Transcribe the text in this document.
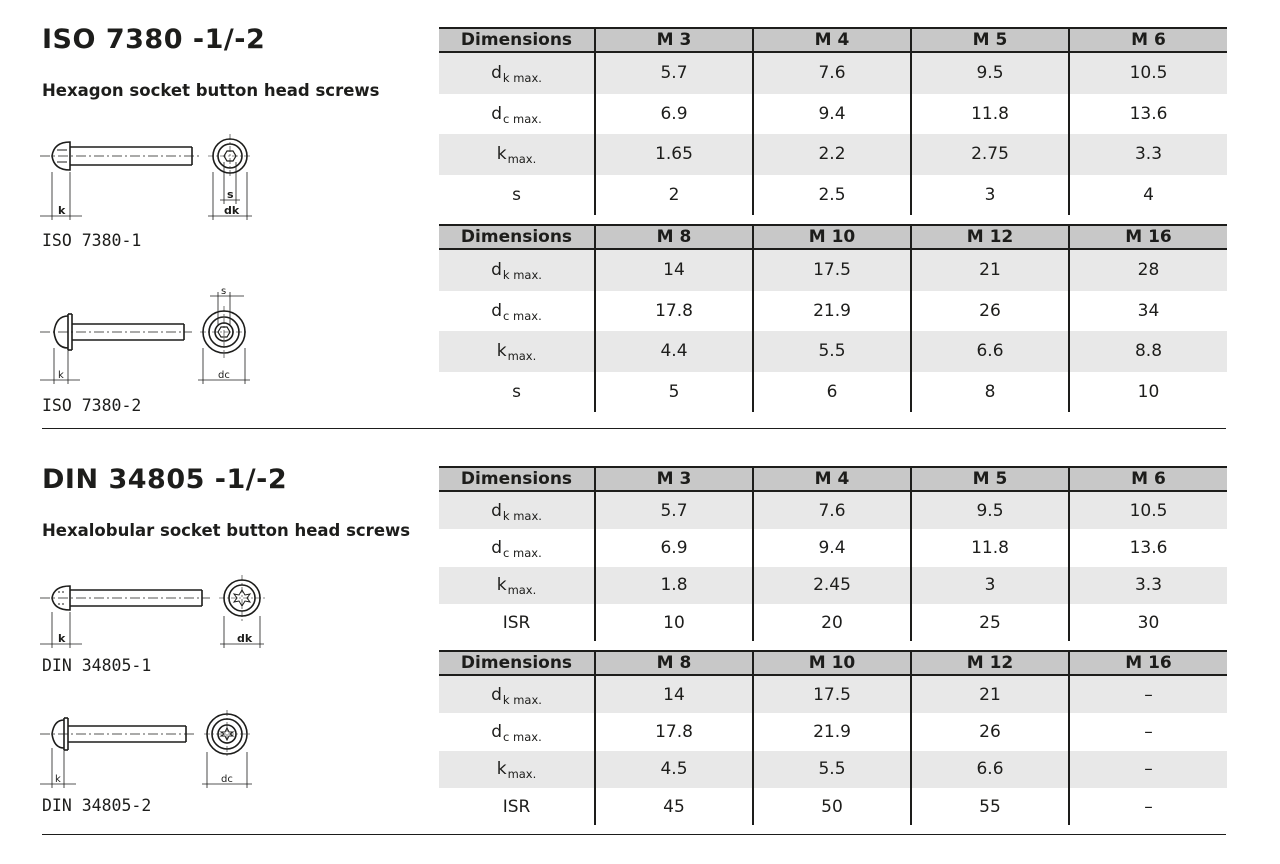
ISO 7380 -1/-2
Hexagon socket button head screws
k
s
dk
ISO 7380-1
k
s
dc
ISO 7380-2
Dimensions	M 3	M 4	M 5	M 6
$d_{k max.}$	5.7	7.6	9.5	10.5
$d_{c max.}$	6.9	9.4	11.8	13.6
$k_{max.}$	1.65	2.2	2.75	3.3
s	2	2.5	3	4
Dimensions	M 8	M 10	M 12	M 16
$d_{k max.}$	14	17.5	21	28
$d_{c max.}$	17.8	21.9	26	34
$k_{max.}$	4.4	5.5	6.6	8.8
s	5	6	8	10
DIN 34805 -1/-2
Hexalobular socket button head screws
k	dk
DIN 34805-1
k	dc
DIN 34805-2
Dimensions	M 3	M 4	M 5	M 6
$d_{k max.}$	5.7	7.6	9.5	10.5
$d_{c max.}$	6.9	9.4	11.8	13.6
$k_{max.}$	1.8	2.45	3	3.3
ISR	10	20	25	30
Dimensions	M 8	M 10	M 12	M 16
$d_{k max.}$	14	17.5	21	–
$d_{c max.}$	17.8	21.9	26	–
$k_{max.}$	4.5	5.5	6.6	–
ISR	45	50	55	–
